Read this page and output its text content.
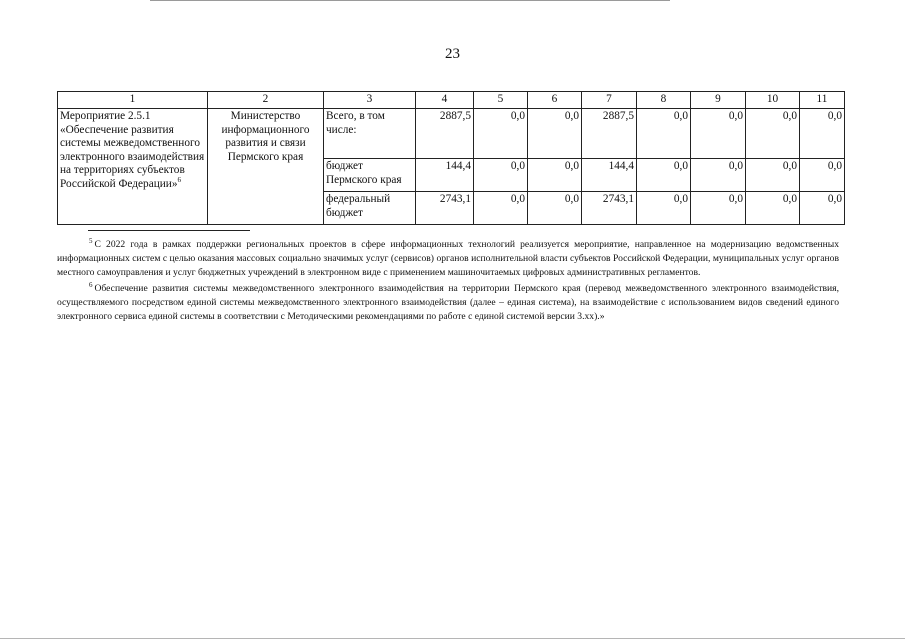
23
1	2	3	4	5	6	7	8	9	10	11
Мероприятие 2.5.1 «Обеспечение развития системы межведомственного электронного взаимодействия на территориях субъектов Российской Федерации»$^6$	Министерство информационного развития и связи Пермского края	Всего, в том числе:	2887,5	0,0	0,0	2887,5	0,0	0,0	0,0	0,0
		бюджет Пермского края	144,4	0,0	0,0	144,4	0,0	0,0	0,0	0,0
		федеральный бюджет	2743,1	0,0	0,0	2743,1	0,0	0,0	0,0	0,0

$^5$ С 2022 года в рамках поддержки региональных проектов в сфере информационных технологий реализуется мероприятие, направленное на модернизацию ведомственных информационных систем с целью оказания массовых социально значимых услуг (сервисов) органов исполнительной власти субъектов Российской Федерации, муниципальных услуг органов местного самоуправления и услуг бюджетных учреждений в электронном виде с применением машиночитаемых цифровых административных регламентов.

$^6$ Обеспечение развития системы межведомственного электронного взаимодействия на территории Пермского края (перевод межведомственного электронного взаимодействия, осуществляемого посредством единой системы межведомственного электронного взаимодействия (далее – единая система), на взаимодействие с использованием видов сведений единого электронного сервиса единой системы в соответствии с Методическими рекомендациями по работе с единой системой версии 3.хх).»
